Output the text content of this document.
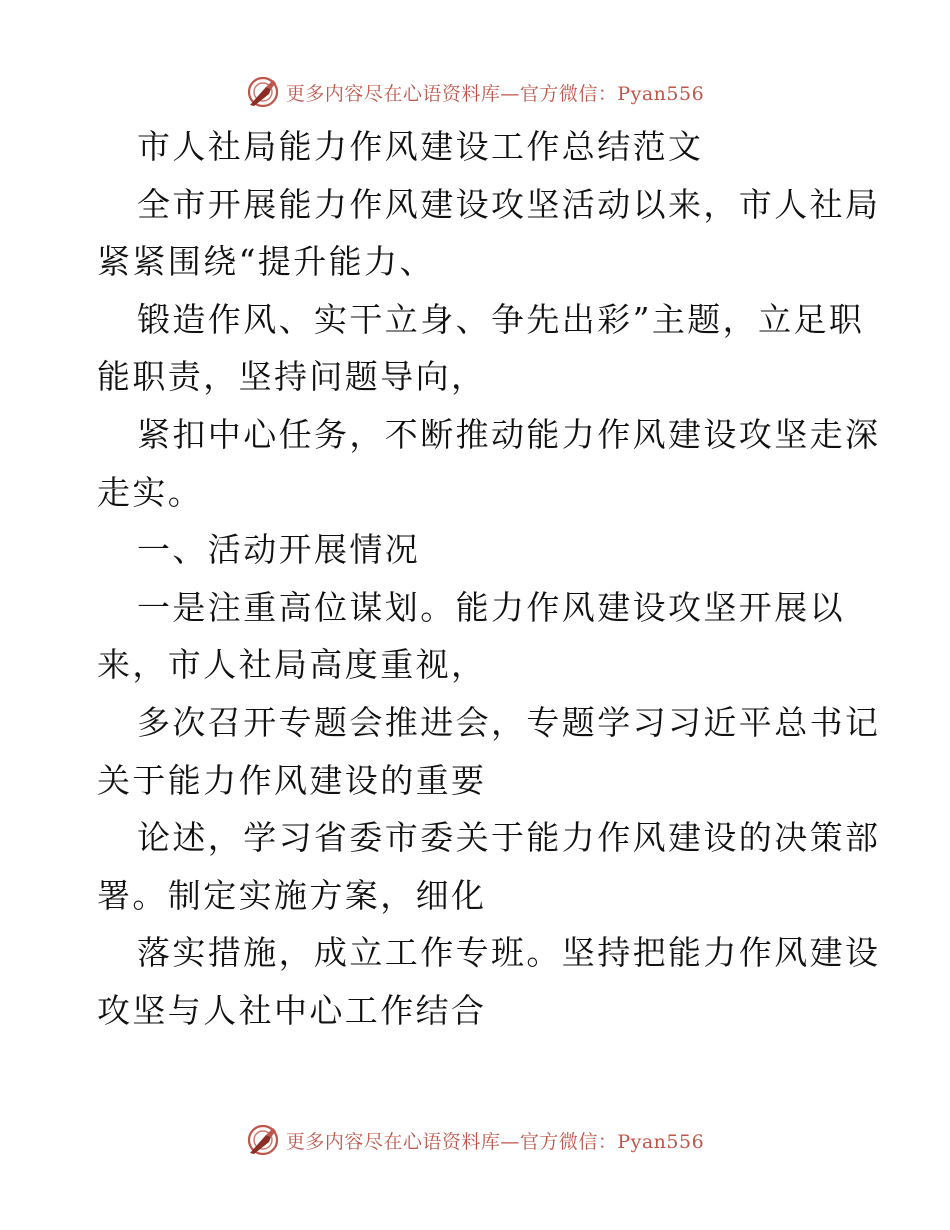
更多内容尽在心语资料库—官方微信：Pyan556
市人社局能力作风建设工作总结范文
全市开展能力作风建设攻坚活动以来，市人社局
紧紧围绕“提升能力、
锻造作风、实干立身、争先出彩”主题，立足职
能职责，坚持问题导向，
紧扣中心任务，不断推动能力作风建设攻坚走深
走实。
一、活动开展情况
一是注重高位谋划。能力作风建设攻坚开展以
来，市人社局高度重视，
多次召开专题会推进会，专题学习习近平总书记
关于能力作风建设的重要
论述，学习省委市委关于能力作风建设的决策部
署。制定实施方案，细化
落实措施，成立工作专班。坚持把能力作风建设
攻坚与人社中心工作结合
更多内容尽在心语资料库—官方微信：Pyan556
